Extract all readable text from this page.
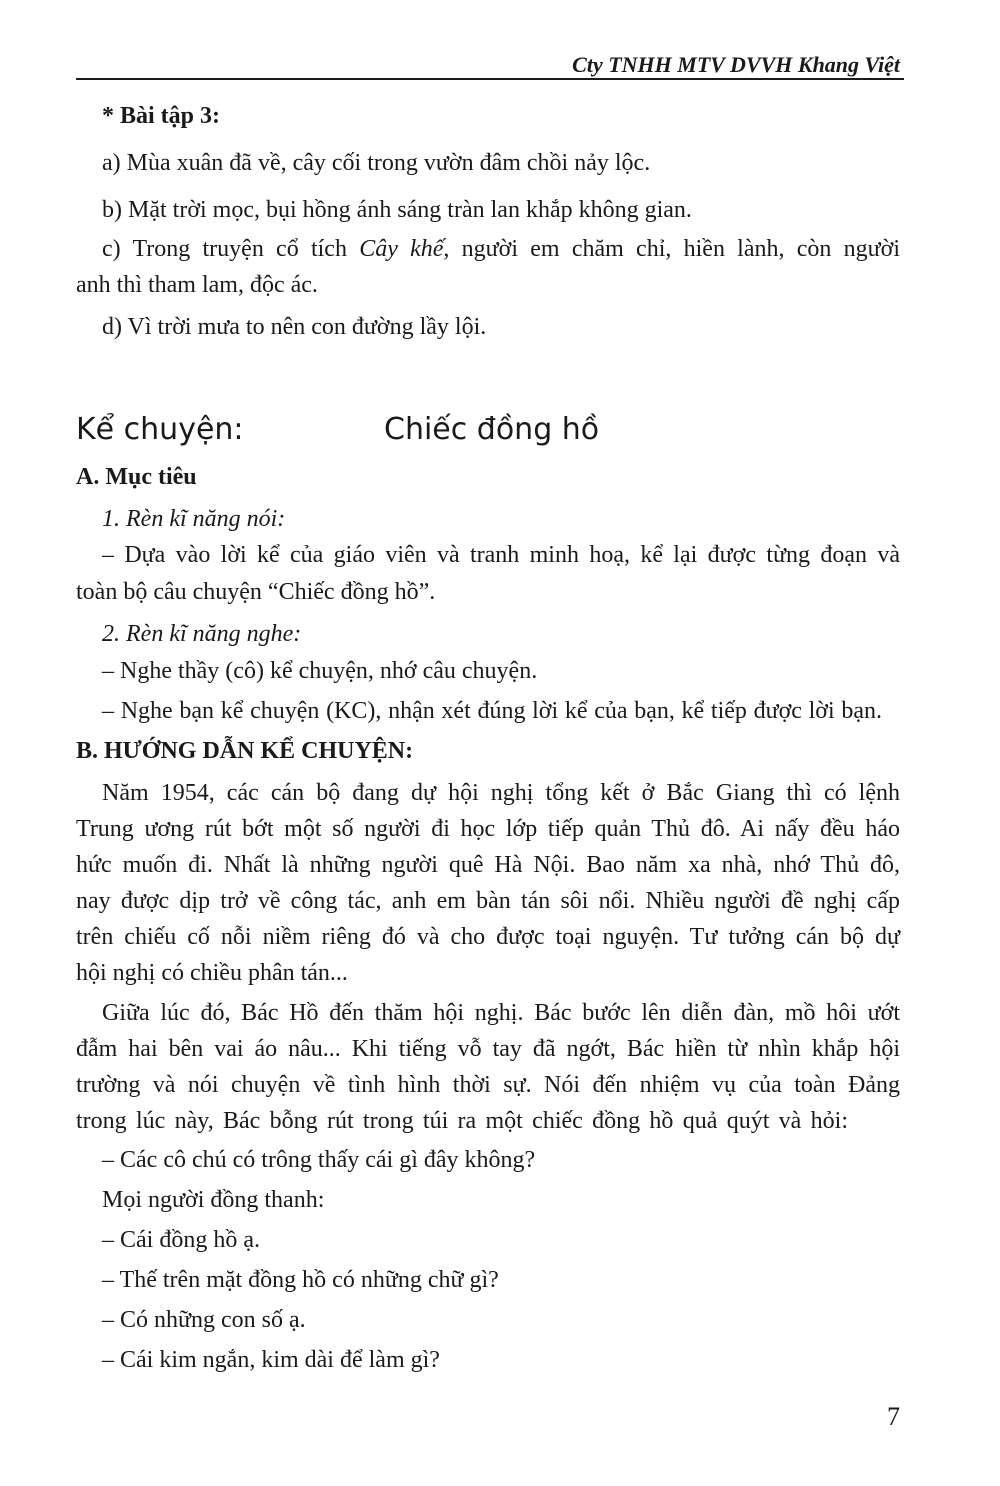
Cty TNHH MTV DVVH Khang Việt
* Bài tập 3:
a) Mùa xuân đã về, cây cối trong vườn đâm chồi nảy lộc.
b) Mặt trời mọc, bụi hồng ánh sáng tràn lan khắp không gian.
c) Trong truyện cổ tích Cây khế, người em chăm chỉ, hiền lành, còn người
anh thì tham lam, độc ác.
d) Vì trời mưa to nên con đường lầy lội.
Kể chuyện:	Chiếc đồng hồ
A. Mục tiêu
1. Rèn kĩ năng nói:
– Dựa vào lời kể của giáo viên và tranh minh hoạ, kể lại được từng đoạn và
toàn bộ câu chuyện “Chiếc đồng hồ”.
2. Rèn kĩ năng nghe:
– Nghe thầy (cô) kể chuyện, nhớ câu chuyện.
– Nghe bạn kể chuyện (KC), nhận xét đúng lời kể của bạn, kể tiếp được lời bạn.
B. HƯỚNG DẪN KỂ CHUYỆN:
Năm 1954, các cán bộ đang dự hội nghị tổng kết ở Bắc Giang thì có lệnh
Trung ương rút bớt một số người đi học lớp tiếp quản Thủ đô. Ai nấy đều háo
hức muốn đi. Nhất là những người quê Hà Nội. Bao năm xa nhà, nhớ Thủ đô,
nay được dịp trở về công tác, anh em bàn tán sôi nổi. Nhiều người đề nghị cấp
trên chiếu cố nỗi niềm riêng đó và cho được toại nguyện. Tư tưởng cán bộ dự
hội nghị có chiều phân tán...
Giữa lúc đó, Bác Hồ đến thăm hội nghị. Bác bước lên diễn đàn, mồ hôi ướt
đẫm hai bên vai áo nâu... Khi tiếng vỗ tay đã ngớt, Bác hiền từ nhìn khắp hội
trường và nói chuyện về tình hình thời sự. Nói đến nhiệm vụ của toàn Đảng
trong lúc này, Bác bỗng rút trong túi ra một chiếc đồng hồ quả quýt và hỏi:
– Các cô chú có trông thấy cái gì đây không?
Mọi người đồng thanh:
– Cái đồng hồ ạ.
– Thế trên mặt đồng hồ có những chữ gì?
– Có những con số ạ.
– Cái kim ngắn, kim dài để làm gì?
7
